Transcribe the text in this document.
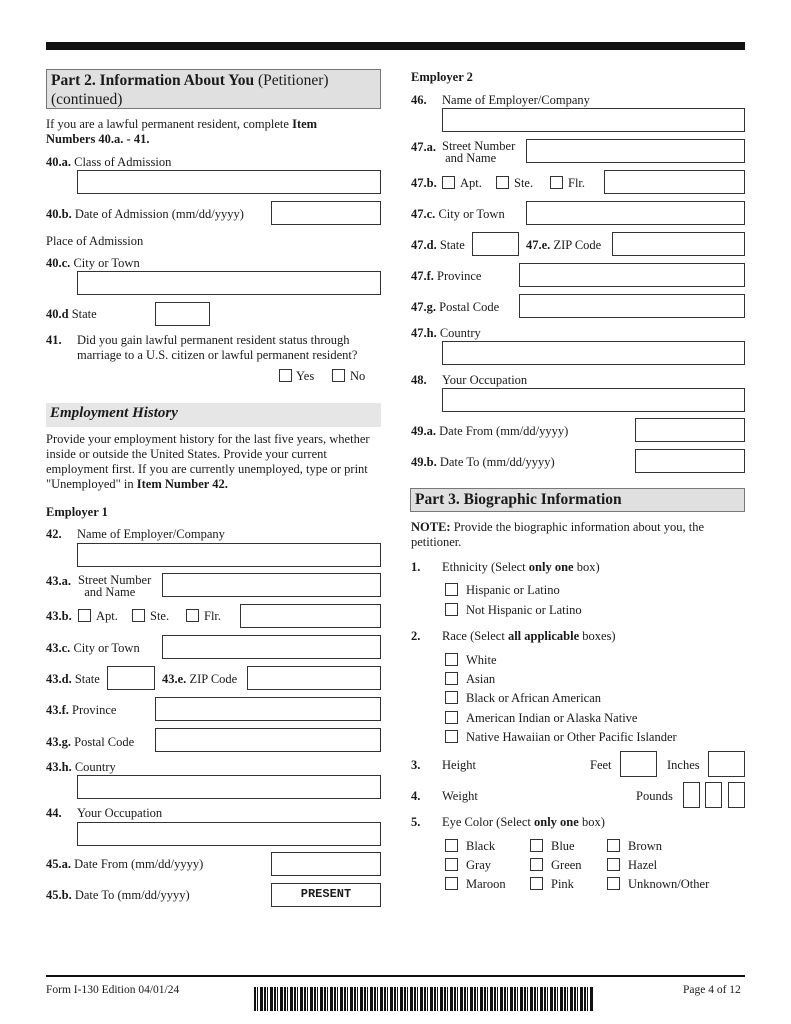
Part 2. Information About You (Petitioner)
(continued)
If you are a lawful permanent resident, complete Item Numbers 40.a. - 41.
40.a. Class of Admission
40.b. Date of Admission (mm/dd/yyyy)
Place of Admission
40.c. City or Town
40.d State
41. Did you gain lawful permanent resident status through
marriage to a U.S. citizen or lawful permanent resident?
Yes	No
Employment History
Provide your employment history for the last five years, whether
inside or outside the United States. Provide your current
employment first. If you are currently unemployed, type or print
"Unemployed" in Item Number 42.
Employer 1
42. Name of Employer/Company
43.a. Street Number
and Name
43.b. Apt.	Ste.	Flr.
43.c. City or Town
43.d. State	43.e. ZIP Code
43.f. Province
43.g. Postal Code
43.h. Country
44. Your Occupation
45.a. Date From (mm/dd/yyyy)
45.b. Date To (mm/dd/yyyy)	PRESENT
Employer 2
46. Name of Employer/Company
47.a. Street Number
and Name
47.b. Apt.	Ste.	Flr.
47.c. City or Town
47.d. State	47.e. ZIP Code
47.f. Province
47.g. Postal Code
47.h. Country
48. Your Occupation
49.a. Date From (mm/dd/yyyy)
49.b. Date To (mm/dd/yyyy)
Part 3. Biographic Information
NOTE: Provide the biographic information about you, the
petitioner.
1. Ethnicity (Select only one box)
Hispanic or Latino
Not Hispanic or Latino
2. Race (Select all applicable boxes)
White
Asian
Black or African American
American Indian or Alaska Native
Native Hawaiian or Other Pacific Islander
3. Height	Feet	Inches
4. Weight	Pounds
5. Eye Color (Select only one box)
Black	Blue	Brown
Gray	Green	Hazel
Maroon	Pink	Unknown/Other
Form I-130 Edition 04/01/24	Page 4 of 12
